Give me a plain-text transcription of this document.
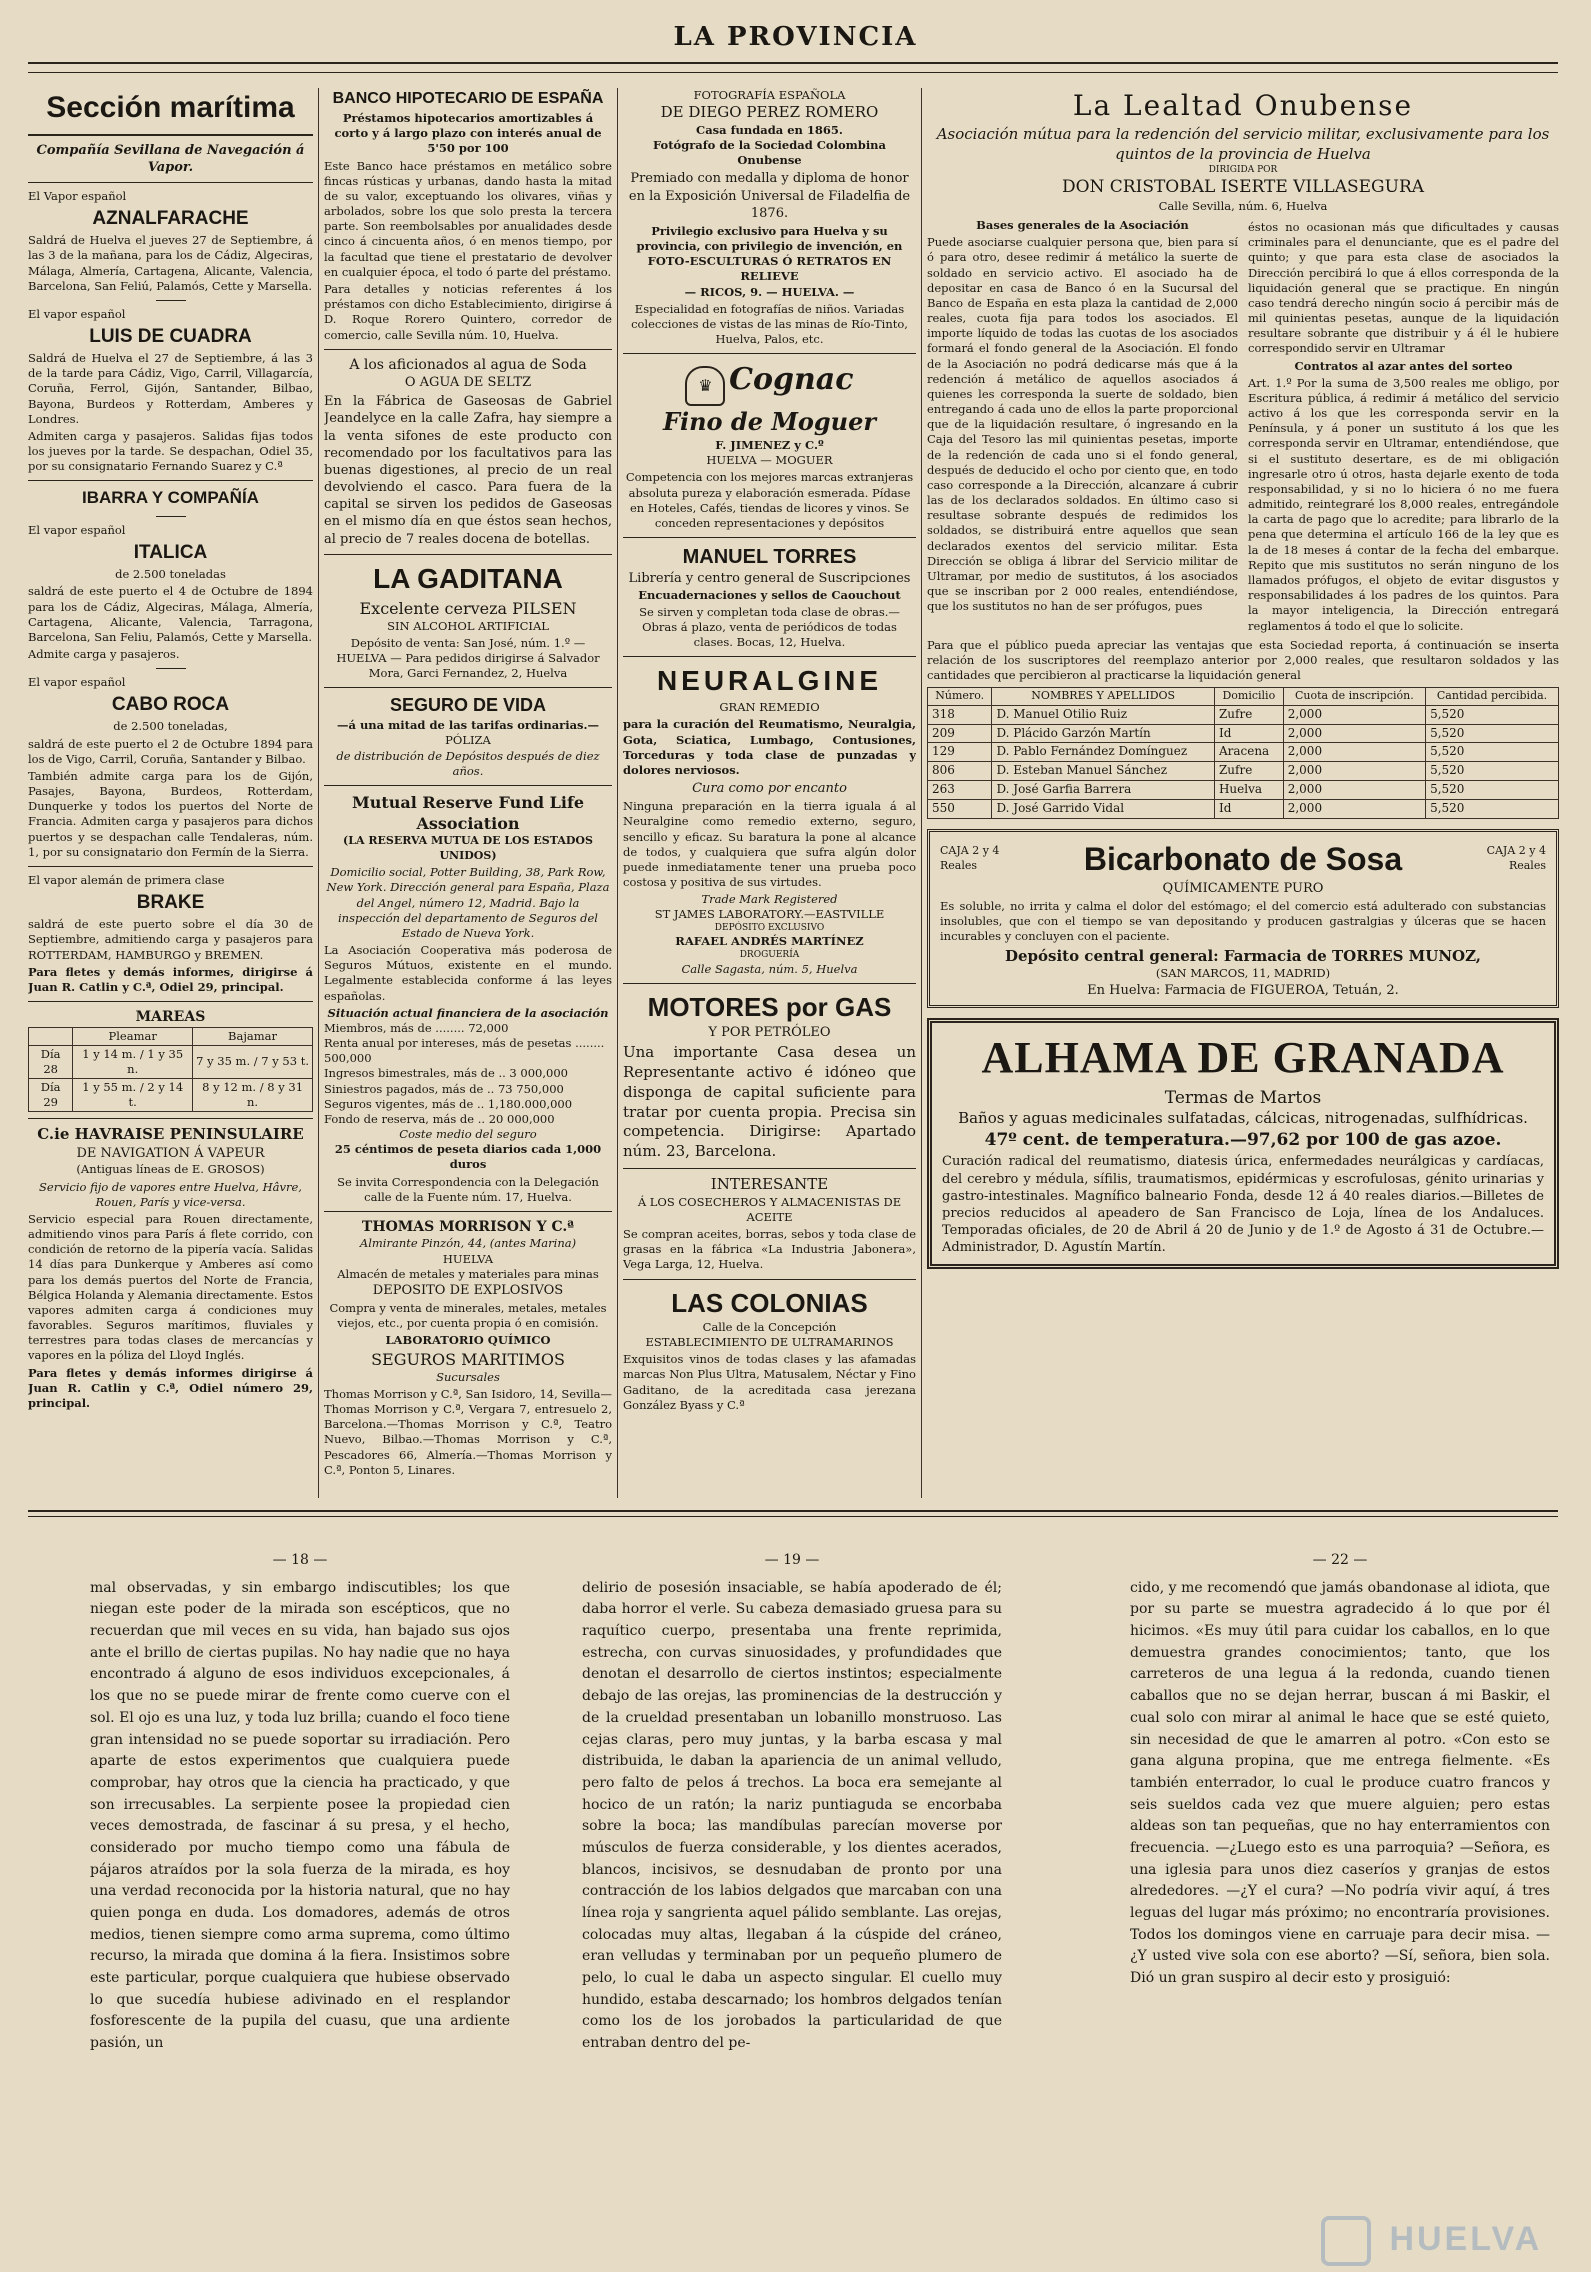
LA PROVINCIA
Sección marítima
Compañía Sevillana de Navegación á Vapor.

El Vapor español

AZNALFARACHE

Saldrá de Huelva el jueves 27 de Septiembre, á las 3 de la mañana, para los de Cádiz, Algeciras, Málaga, Almería, Cartagena, Alicante, Valencia, Barcelona, San Feliú, Palamós, Cette y Marsella.

El vapor español

LUIS DE CUADRA

Saldrá de Huelva el 27 de Septiembre, á las 3 de la tarde para Cádiz, Vigo, Carril, Villagarcía, Coruña, Ferrol, Gijón, Santander, Bilbao, Bayona, Burdeos y Rotterdam, Amberes y Londres.

Admiten carga y pasajeros. Salidas fijas todos los jueves por la tarde. Se despachan, Odiel 35, por su consignatario Fernando Suarez y C.ª

IBARRA Y COMPAÑÍA

El vapor español

ITALICA

de 2.500 toneladas

saldrá de este puerto el 4 de Octubre de 1894 para los de Cádiz, Algeciras, Málaga, Almería, Cartagena, Alicante, Valencia, Tarragona, Barcelona, San Feliu, Palamós, Cette y Marsella.

Admite carga y pasajeros.

El vapor español

CABO ROCA

de 2.500 toneladas,

saldrá de este puerto el 2 de Octubre 1894 para los de Vigo, Carril, Coruña, Santander y Bilbao.

También admite carga para los de Gijón, Pasajes, Bayona, Burdeos, Rotterdam, Dunquerke y todos los puertos del Norte de Francia. Admiten carga y pasajeros para dichos puertos y se despachan calle Tendaleras, núm. 1, por su consignatario don Fermín de la Sierra.

El vapor alemán de primera clase

BRAKE

saldrá de este puerto sobre el día 30 de Septiembre, admitiendo carga y pasajeros para ROTTERDAM, HAMBURGO y BREMEN.

Para fletes y demás informes, dirigirse á Juan R. Catlin y C.ª, Odiel 29, principal.

MAREAS
	Pleamar	Bajamar
Día 28	1 y 14 m. / 1 y 35 n.	7 y 35 m. / 7 y 53 t.
Día 29	1 y 55 m. / 2 y 14 t.	8 y 12 m. / 8 y 31 n.
C.ie HAVRAISE PENINSULAIRE
DE NAVIGATION Á VAPEUR
(Antiguas líneas de E. GROSOS)

Servicio fijo de vapores entre Huelva, Hâvre, Rouen, París y vice-versa.

Servicio especial para Rouen directamente, admitiendo vinos para París á flete corrido, con condición de retorno de la pipería vacía. Salidas 14 días para Dunkerque y Amberes así como para los demás puertos del Norte de Francia, Bélgica Holanda y Alemania directamente. Estos vapores admiten carga á condiciones muy favorables. Seguros marítimos, fluviales y terrestres para todas clases de mercancías y vapores en la póliza del Lloyd Inglés.

Para fletes y demás informes dirigirse á Juan R. Catlin y C.ª, Odiel número 29, principal.

BANCO HIPOTECARIO DE ESPAÑA

Préstamos hipotecarios amortizables á corto y á largo plazo con interés anual de 5'50 por 100

Este Banco hace préstamos en metálico sobre fincas rústicas y urbanas, dando hasta la mitad de su valor, exceptuando los olivares, viñas y arbolados, sobre los que solo presta la tercera parte. Son reembolsables por anualidades desde cinco á cincuenta años, ó en menos tiempo, por la facultad que tiene el prestatario de devolver en cualquier época, el todo ó parte del préstamo.

Para detalles y noticias referentes á los préstamos con dicho Establecimiento, dirigirse á D. Roque Rorero Quintero, corredor de comercio, calle Sevilla núm. 10, Huelva.

A los aficionados al agua de Soda
O AGUA DE SELTZ

En la Fábrica de Gaseosas de Gabriel Jeandelyce en la calle Zafra, hay siempre a la venta sifones de este producto con recomendado por los facultativos para las buenas digestiones, al precio de un real devolviendo el casco. Para fuera de la capital se sirven los pedidos de Gaseosas en el mismo día en que éstos sean hechos, al precio de 7 reales docena de botellas.

LA GADITANA
Excelente cerveza PILSEN
SIN ALCOHOL ARTIFICIAL

Depósito de venta: San José, núm. 1.º — HUELVA — Para pedidos dirigirse á Salvador Mora, Garci Fernandez, 2, Huelva

SEGURO DE VIDA
—á una mitad de las tarifas ordinarias.—
PÓLIZA
de distribución de Depósitos después de diez años.
Mutual Reserve Fund Life Association
(LA RESERVA MUTUA DE LOS ESTADOS UNIDOS)

Domicilio social, Potter Building, 38, Park Row, New York. Dirección general para España, Plaza del Angel, número 12, Madrid. Bajo la inspección del departamento de Seguros del Estado de Nueva York.

La Asociación Cooperativa más poderosa de Seguros Mútuos, existente en el mundo. Legalmente establecida conforme á las leyes españolas.

Situación actual financiera de la asociación
Miembros, más de ........ 72,000
Renta anual por intereses, más de pesetas ........ 500,000
Ingresos bimestrales, más de .. 3 000,000
Siniestros pagados, más de .. 73 750,000
Seguros vigentes, más de .. 1,180.000,000
Fondo de reserva, más de .. 20 000,000
Coste medio del seguro
25 céntimos de peseta diarios cada 1,000 duros

Se invita Correspondencia con la Delegación calle de la Fuente núm. 17, Huelva.

THOMAS MORRISON Y C.ª
Almirante Pinzón, 44, (antes Marina)
HUELVA
Almacén de metales y materiales para minas
DEPOSITO DE EXPLOSIVOS

Compra y venta de minerales, metales, metales viejos, etc., por cuenta propia ó en comisión.

LABORATORIO QUÍMICO
SEGUROS MARITIMOS
Sucursales

Thomas Morrison y C.ª, San Isidoro, 14, Sevilla—Thomas Morrison y C.ª, Vergara 7, entresuelo 2, Barcelona.—Thomas Morrison y C.ª, Teatro Nuevo, Bilbao.—Thomas Morrison y C.ª, Pescadores 66, Almería.—Thomas Morrison y C.ª, Ponton 5, Linares.

FOTOGRAFÍA ESPAÑOLA
DE DIEGO PEREZ ROMERO
Casa fundada en 1865.
Fotógrafo de la Sociedad Colombina Onubense

Premiado con medalla y diploma de honor en la Exposición Universal de Filadelfia de 1876.

Privilegio exclusivo para Huelva y su provincia, con privilegio de invención, en
FOTO-ESCULTURAS Ó RETRATOS EN RELIEVE
— RICOS, 9. — HUELVA. —

Especialidad en fotografías de niños. Variadas colecciones de vistas de las minas de Río-Tinto, Huelva, Palos, etc.

♛ Cognac
Fino de Moguer
F. JIMENEZ y C.º
HUELVA — MOGUER

Competencia con los mejores marcas extranjeras absoluta pureza y elaboración esmerada. Pídase en Hoteles, Cafés, tiendas de licores y vinos. Se conceden representaciones y depósitos

MANUEL TORRES
Librería y centro general de Suscripciones
Encuadernaciones y sellos de Caouchout

Se sirven y completan toda clase de obras.—Obras á plazo, venta de periódicos de todas clases. Bocas, 12, Huelva.

NEURALGINE
GRAN REMEDIO

para la curación del Reumatismo, Neuralgia, Gota, Sciatica, Lumbago, Contusiones, Torceduras y toda clase de punzadas y dolores nerviosos.

Cura como por encanto

Ninguna preparación en la tierra iguala á al Neuralgine como remedio externo, seguro, sencillo y eficaz. Su baratura la pone al alcance de todos, y cualquiera que sufra algún dolor puede inmediatamente tener una prueba poco costosa y positiva de sus virtudes.

Trade Mark Registered
ST JAMES LABORATORY.—EASTVILLE
DEPÓSITO EXCLUSIVO
RAFAEL ANDRÉS MARTÍNEZ
DROGUERÍA
Calle Sagasta, núm. 5, Huelva
MOTORES por GAS
Y POR PETRÓLEO

Una importante Casa desea un Representante activo é idóneo que disponga de capital suficiente para tratar por cuenta propia. Precisa sin competencia. Dirigirse: Apartado núm. 23, Barcelona.

INTERESANTE
Á LOS COSECHEROS Y ALMACENISTAS DE ACEITE

Se compran aceites, borras, sebos y toda clase de grasas en la fábrica «La Industria Jabonera», Vega Larga, 12, Huelva.

LAS COLONIAS
Calle de la Concepción
ESTABLECIMIENTO DE ULTRAMARINOS

Exquisitos vinos de todas clases y las afamadas marcas Non Plus Ultra, Matusalem, Néctar y Fino Gaditano, de la acreditada casa jerezana González Byass y C.ª

La Lealtad Onubense
Asociación mútua para la redención del servicio militar, exclusivamente para los quintos de la provincia de Huelva
DIRIGIDA POR
DON CRISTOBAL ISERTE VILLASEGURA
Calle Sevilla, núm. 6, Huelva
Bases generales de la Asociación

Puede asociarse cualquier persona que, bien para sí ó para otro, desee redimir á metálico la suerte de soldado en servicio activo. El asociado ha de depositar en casa de Banco ó en la Sucursal del Banco de España en esta plaza la cantidad de 2,000 reales, cuota fija para todos los asociados. El importe líquido de todas las cuotas de los asociados formará el fondo general de la Asociación. El fondo de la Asociación no podrá dedicarse más que á la redención á metálico de aquellos asociados á quienes les corresponda la suerte de soldado, bien entregando á cada uno de ellos la parte proporcional que de la liquidación resultare, ó ingresando en la Caja del Tesoro las mil quinientas pesetas, importe de la redención de cada uno si el fondo general, después de deducido el ocho por ciento que, en todo caso corresponde a la Dirección, alcanzare á cubrir las de los declarados soldados. En último caso si resultase sobrante después de redimidos los soldados, se distribuirá entre aquellos que sean declarados exentos del servicio militar. Esta Dirección se obliga á librar del Servicio militar de Ultramar, por medio de sustitutos, á los asociados que se inscriban por 2 000 reales, entendiéndose, que los sustitutos no han de ser prófugos, pues

éstos no ocasionan más que dificultades y causas criminales para el denunciante, que es el padre del quinto; y que para esta clase de asociados la Dirección percibirá lo que á ellos corresponda de la liquidación general que se practique. En ningún caso tendrá derecho ningún socio á percibir más de mil quinientas pesetas, aunque de la liquidación resultare sobrante que distribuir y á él le hubiere correspondido servir en Ultramar

Contratos al azar antes del sorteo

Art. 1.º Por la suma de 3,500 reales me obligo, por Escritura pública, á redimir á metálico del servicio activo á los que les corresponda servir en la Península, y á poner un sustituto á los que les corresponda servir en Ultramar, entendiéndose, que si el sustituto desertare, es de mi obligación ingresarle otro ú otros, hasta dejarle exento de toda responsabilidad, y si no lo hiciera ó no me fuera admitido, reintegraré los 8,000 reales, entregándole la carta de pago que lo acredite; para librarlo de la pena que determina el artículo 166 de la ley que es la de 18 meses á contar de la fecha del embarque. Repito que mis sustitutos no serán ninguno de los llamados prófugos, el objeto de evitar disgustos y responsabilidades á los padres de los quintos. Para la mayor inteligencia, la Dirección entregará reglamentos á todo el que lo solicite.

Para que el público pueda apreciar las ventajas que esta Sociedad reporta, á continuación se inserta relación de los suscriptores del reemplazo anterior por 2,000 reales, que resultaron soldados y las cantidades que percibieron al practicarse la liquidación general

Número.	NOMBRES Y APELLIDOS	Domicilio	Cuota de inscripción.	Cantidad percibida.
318	D. Manuel Otilio Ruiz	Zufre	2,000	5,520
209	D. Plácido Garzón Martín	Id	2,000	5,520
129	D. Pablo Fernández Domínguez	Aracena	2,000	5,520
806	D. Esteban Manuel Sánchez	Zufre	2,000	5,520
263	D. José Garfia Barrera	Huelva	2,000	5,520
550	D. José Garrido Vidal	Id	2,000	5,520
CAJA 2 y 4 Reales	Bicarbonato de Sosa	CAJA 2 y 4 Reales
QUÍMICAMENTE PURO

Es soluble, no irrita y calma el dolor del estómago; el del comercio está adulterado con substancias insolubles, que con el tiempo se van depositando y producen gastralgias y úlceras que se hacen incurables y concluyen con el paciente.

Depósito central general: Farmacia de TORRES MUNOZ,
(SAN MARCOS, 11, MADRID)
En Huelva: Farmacia de FIGUEROA, Tetuán, 2.
ALHAMA DE GRANADA
Termas de Martos
Baños y aguas medicinales sulfatadas, cálcicas, nitrogenadas, sulfhídricas.
47º cent. de temperatura.—97,62 por 100 de gas azoe.

Curación radical del reumatismo, diatesis úrica, enfermedades neurálgicas y cardíacas, del cerebro y médula, sífilis, traumatismos, epidérmicas y escrofulosas, génito urinarias y gastro-intestinales. Magnífico balneario Fonda, desde 12 á 40 reales diarios.—Billetes de precios reducidos al apeadero de San Francisco de Loja, línea de los Andaluces. Temporadas oficiales, de 20 de Abril á 20 de Junio y de 1.º de Agosto á 31 de Octubre.—Administrador, D. Agustín Martín.

— 18 —
mal observadas, y sin embargo indiscutibles; los que niegan este poder de la mirada son escépticos, que no recuerdan que mil veces en su vida, han bajado sus ojos ante el brillo de ciertas pupilas. No hay nadie que no haya encontrado á alguno de esos individuos excepcionales, á los que no se puede mirar de frente como cuerve con el sol. El ojo es una luz, y toda luz brilla; cuando el foco tiene gran intensidad no se puede soportar su irradiación. Pero aparte de estos experimentos que cualquiera puede comprobar, hay otros que la ciencia ha practicado, y que son irrecusables. La serpiente posee la propiedad cien veces demostrada, de fascinar á su presa, y el hecho, considerado por mucho tiempo como una fábula de pájaros atraídos por la sola fuerza de la mirada, es hoy una verdad reconocida por la historia natural, que no hay quien ponga en duda. Los domadores, además de otros medios, tienen siempre como arma suprema, como último recurso, la mirada que domina á la fiera. Insistimos sobre este particular, porque cualquiera que hubiese observado lo que sucedía hubiese adivinado en el resplandor fosforescente de la pupila del cuasu, que una ardiente pasión, un
— 19 —
delirio de posesión insaciable, se había apoderado de él; daba horror el verle. Su cabeza demasiado gruesa para su raquítico cuerpo, presentaba una frente reprimida, estrecha, con curvas sinuosidades, y profundidades que denotan el desarrollo de ciertos instintos; especialmente debajo de las orejas, las prominencias de la destrucción y de la crueldad presentaban un lobanillo monstruoso. Las cejas claras, pero muy juntas, y la barba escasa y mal distribuida, le daban la apariencia de un animal velludo, pero falto de pelos á trechos. La boca era semejante al hocico de un ratón; la nariz puntiaguda se encorbaba sobre la boca; las mandíbulas parecían moverse por músculos de fuerza considerable, y los dientes acerados, blancos, incisivos, se desnudaban de pronto por una contracción de los labios delgados que marcaban con una línea roja y sangrienta aquel pálido semblante. Las orejas, colocadas muy altas, llegaban á la cúspide del cráneo, eran velludas y terminaban por un pequeño plumero de pelo, lo cual le daba un aspecto singular. El cuello muy hundido, estaba descarnado; los hombros delgados tenían como los de los jorobados la particularidad de que entraban dentro del pe-
— 22 —
cido, y me recomendó que jamás obandonase al idiota, que por su parte se muestra agradecido á lo que por él hicimos. «Es muy útil para cuidar los caballos, en lo que demuestra grandes conocimientos; tanto, que los carreteros de una legua á la redonda, cuando tienen caballos que no se dejan herrar, buscan á mi Baskir, el cual solo con mirar al animal le hace que se esté quieto, sin necesidad de que le amarren al potro. «Con esto se gana alguna propina, que me entrega fielmente. «Es también enterrador, lo cual le produce cuatro francos y seis sueldos cada vez que muere alguien; pero estas aldeas son tan pequeñas, que no hay enterramientos con frecuencia. —¿Luego esto es una parroquia? —Señora, es una iglesia para unos diez caseríos y granjas de estos alrededores. —¿Y el cura? —No podría vivir aquí, á tres leguas del lugar más próximo; no encontraría provisiones. Todos los domingos viene en carruaje para decir misa. —¿Y usted vive sola con ese aborto? —Sí, señora, bien sola. Dió un gran suspiro al decir esto y prosiguió:
HUELVA
